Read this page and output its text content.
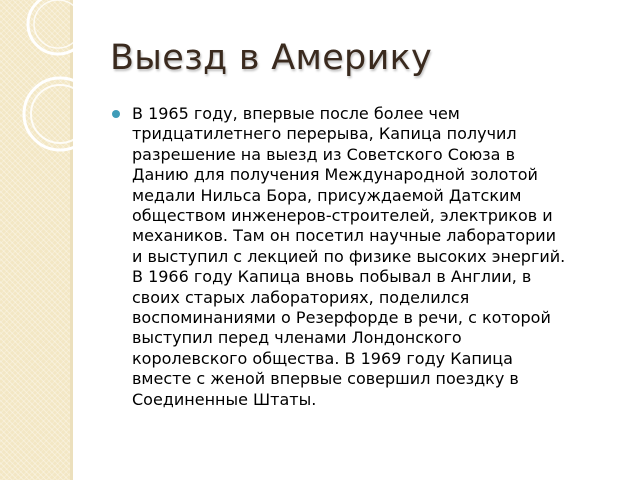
Выезд в Америку

В 1965 году, впервые после более чем
тридцатилетнего перерыва, Капица получил
разрешение на выезд из Советского Союза в
Данию для получения Международной золотой
медали Нильса Бора, присуждаемой Датским
обществом инженеров-строителей, электриков и
механиков. Там он посетил научные лаборатории
и выступил с лекцией по физике высоких энергий.
В 1966 году Капица вновь побывал в Англии, в
своих старых лабораториях, поделился
воспоминаниями о Резерфорде в речи, с которой
выступил перед членами Лондонского
королевского общества. В 1969 году Капица
вместе с женой впервые совершил поездку в
Соединенные Штаты.
